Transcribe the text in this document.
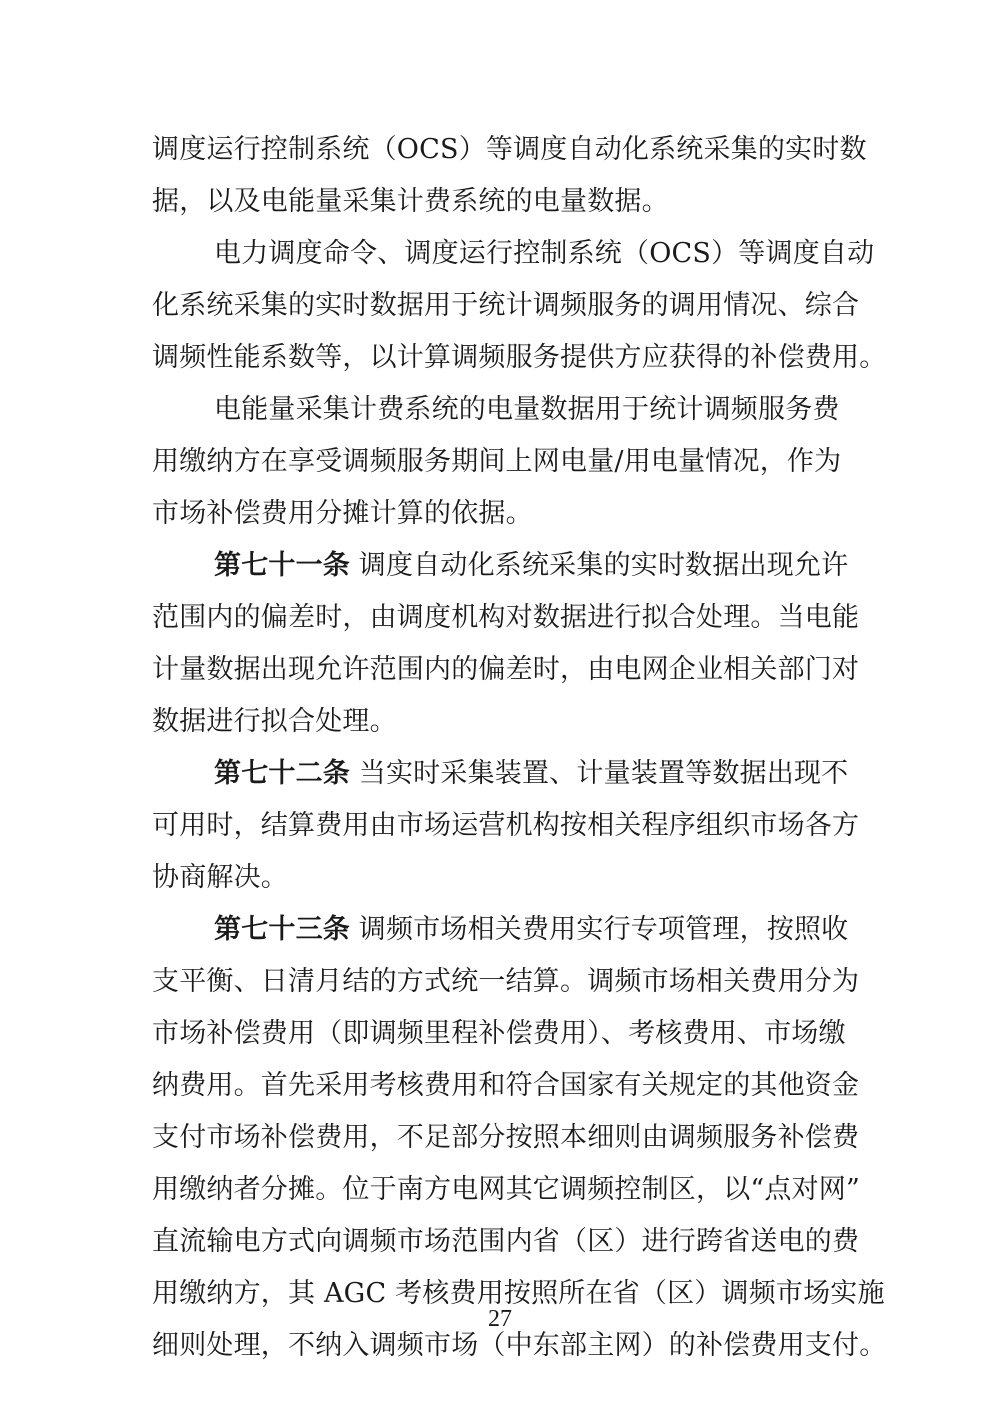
调度运行控制系统（OCS）等调度自动化系统采集的实时数
据，以及电能量采集计费系统的电量数据。
电力调度命令、调度运行控制系统（OCS）等调度自动
化系统采集的实时数据用于统计调频服务的调用情况、综合
调频性能系数等，以计算调频服务提供方应获得的补偿费用。
电能量采集计费系统的电量数据用于统计调频服务费
用缴纳方在享受调频服务期间上网电量/用电量情况，作为
市场补偿费用分摊计算的依据。
第七十一条 调度自动化系统采集的实时数据出现允许
范围内的偏差时，由调度机构对数据进行拟合处理。当电能
计量数据出现允许范围内的偏差时，由电网企业相关部门对
数据进行拟合处理。
第七十二条 当实时采集装置、计量装置等数据出现不
可用时，结算费用由市场运营机构按相关程序组织市场各方
协商解决。
第七十三条 调频市场相关费用实行专项管理，按照收
支平衡、日清月结的方式统一结算。调频市场相关费用分为
市场补偿费用（即调频里程补偿费用）、考核费用、市场缴
纳费用。首先采用考核费用和符合国家有关规定的其他资金
支付市场补偿费用，不足部分按照本细则由调频服务补偿费
用缴纳者分摊。位于南方电网其它调频控制区，以“点对网”
直流输电方式向调频市场范围内省（区）进行跨省送电的费
用缴纳方，其 AGC 考核费用按照所在省（区）调频市场实施
细则处理，不纳入调频市场（中东部主网）的补偿费用支付。
27
